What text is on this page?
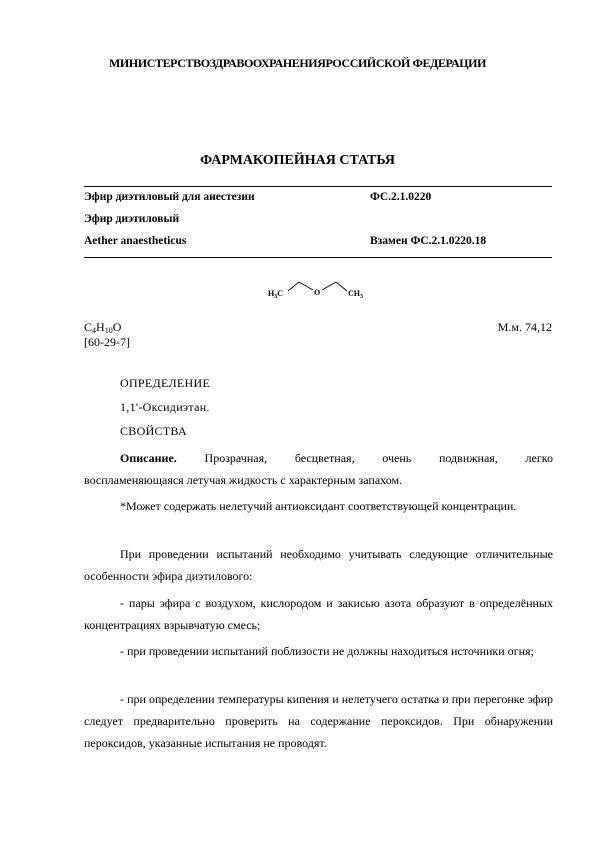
МИНИСТЕРСТВОЗДРАВООХРАНЕНИЯРОССИЙСКОЙ ФЕДЕРАЦИИ
ФАРМАКОПЕЙНАЯ СТАТЬЯ
Эфир диэтиловый для анестезии	ФС.2.1.0220
Эфир диэтиловый
Aether anaestheticus	Взамен ФС.2.1.0220.18
$H_3C$	O	$CH_3$
$C_4H_{10}O$
[60-29-7]
М.м. 74,12
ОПРЕДЕЛЕНИЕ
1,1'-Оксидиэтан.
СВОЙСТВА
Описание. Прозрачная, бесцветная, очень подвижная, легко
воспламеняющаяся летучая жидкость с характерным запахом.
*Может содержать нелетучий антиоксидант соответствующей концентрации.
При проведении испытаний необходимо учитывать следующие отличительные особенности эфира диэтилового:
- пары эфира с воздухом, кислородом и закисью азота образуют в определённых концентрациях взрывчатую смесь;
- при проведении испытаний поблизости не должны находиться источники огня;
- при определении температуры кипения и нелетучего остатка и при перегонке эфир следует предварительно проверить на содержание пероксидов. При обнаружении пероксидов, указанные испытания не проводят.
